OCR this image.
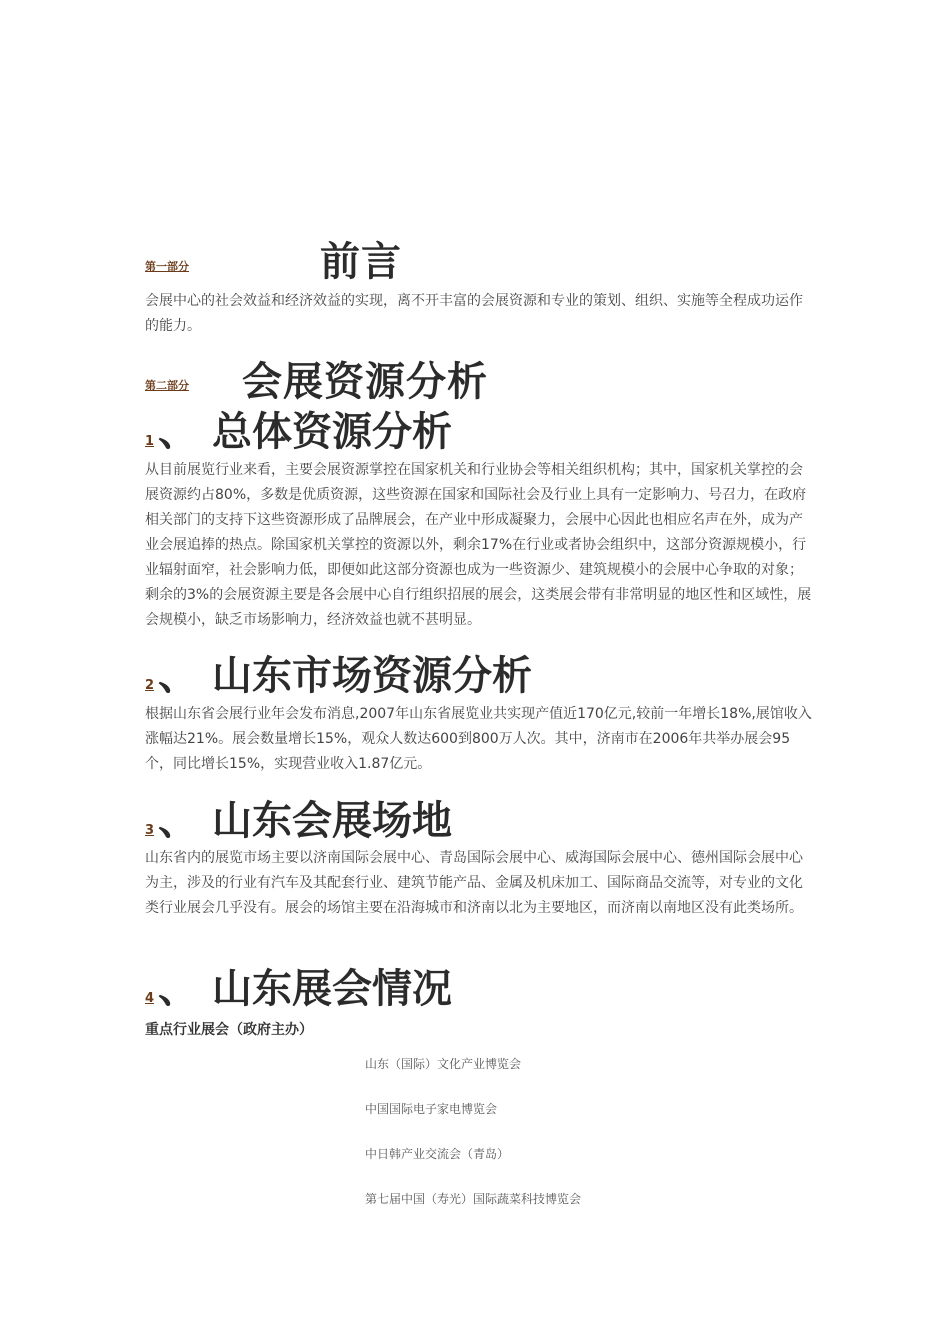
第一部分	前言
会展中心的社会效益和经济效益的实现，离不开丰富的会展资源和专业的策划、组织、实施等全程成功运作的能力。
第二部分 会展资源分析
1 、 总体资源分析
从目前展览行业来看，主要会展资源掌控在国家机关和行业协会等相关组织机构；其中，国家机关掌控的会展资源约占80%，多数是优质资源，这些资源在国家和国际社会及行业上具有一定影响力、号召力，在政府相关部门的支持下这些资源形成了品牌展会，在产业中形成凝聚力，会展中心因此也相应名声在外，成为产业会展追捧的热点。除国家机关掌控的资源以外，剩余17%在行业或者协会组织中，这部分资源规模小，行业辐射面窄，社会影响力低，即便如此这部分资源也成为一些资源少、建筑规模小的会展中心争取的对象；剩余的3%的会展资源主要是各会展中心自行组织招展的展会，这类展会带有非常明显的地区性和区域性，展会规模小，缺乏市场影响力，经济效益也就不甚明显。
2 、 山东市场资源分析
根据山东省会展行业年会发布消息,2007年山东省展览业共实现产值近170亿元,较前一年增长18%,展馆收入涨幅达21%。展会数量增长15%，观众人数达600到800万人次。其中，济南市在2006年共举办展会95个，同比增长15%，实现营业收入1.87亿元。
3 、 山东会展场地
山东省内的展览市场主要以济南国际会展中心、青岛国际会展中心、威海国际会展中心、德州国际会展中心为主，涉及的行业有汽车及其配套行业、建筑节能产品、金属及机床加工、国际商品交流等，对专业的文化类行业展会几乎没有。展会的场馆主要在沿海城市和济南以北为主要地区，而济南以南地区没有此类场所。
4 、 山东展会情况
重点行业展会（政府主办）
山东（国际）文化产业博览会
中国国际电子家电博览会
中日韩产业交流会（青岛）
第七届中国（寿光）国际蔬菜科技博览会
